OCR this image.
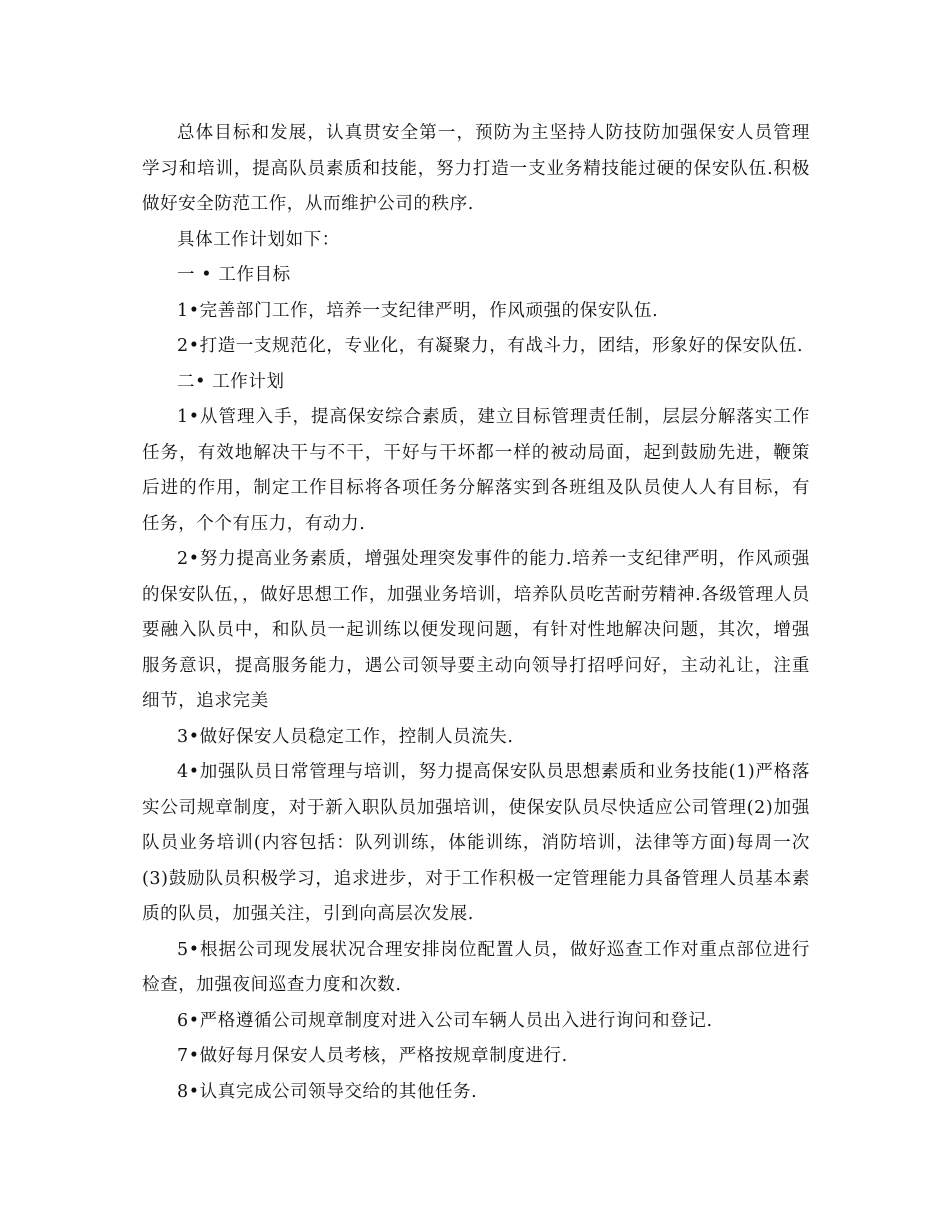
总体目标和发展，认真贯安全第一，预防为主坚持人防技防加强保安人员管理学习和培训，提高队员素质和技能，努力打造一支业务精技能过硬的保安队伍.积极做好安全防范工作，从而维护公司的秩序.

具体工作计划如下：

一 • 工作目标

1•完善部门工作，培养一支纪律严明，作风顽强的保安队伍.

2•打造一支规范化，专业化，有凝聚力，有战斗力，团结，形象好的保安队伍.

二• 工作计划

1•从管理入手，提高保安综合素质，建立目标管理责任制，层层分解落实工作任务，有效地解决干与不干，干好与干坏都一样的被动局面，起到鼓励先进，鞭策后进的作用，制定工作目标将各项任务分解落实到各班组及队员使人人有目标，有任务，个个有压力，有动力.

2•努力提高业务素质，增强处理突发事件的能力.培养一支纪律严明，作风顽强的保安队伍，，做好思想工作，加强业务培训，培养队员吃苦耐劳精神.各级管理人员要融入队员中，和队员一起训练以便发现问题，有针对性地解决问题，其次，增强服务意识，提高服务能力，遇公司领导要主动向领导打招呼问好，主动礼让，注重细节，追求完美

3•做好保安人员稳定工作，控制人员流失.

4•加强队员日常管理与培训，努力提高保安队员思想素质和业务技能(1)严格落实公司规章制度，对于新入职队员加强培训，使保安队员尽快适应公司管理(2)加强队员业务培训(内容包括：队列训练，体能训练，消防培训，法律等方面)每周一次(3)鼓励队员积极学习，追求进步，对于工作积极一定管理能力具备管理人员基本素质的队员，加强关注，引到向高层次发展.

5•根据公司现发展状况合理安排岗位配置人员，做好巡查工作对重点部位进行检查，加强夜间巡查力度和次数.

6•严格遵循公司规章制度对进入公司车辆人员出入进行询问和登记.

7•做好每月保安人员考核，严格按规章制度进行.

8•认真完成公司领导交给的其他任务.
